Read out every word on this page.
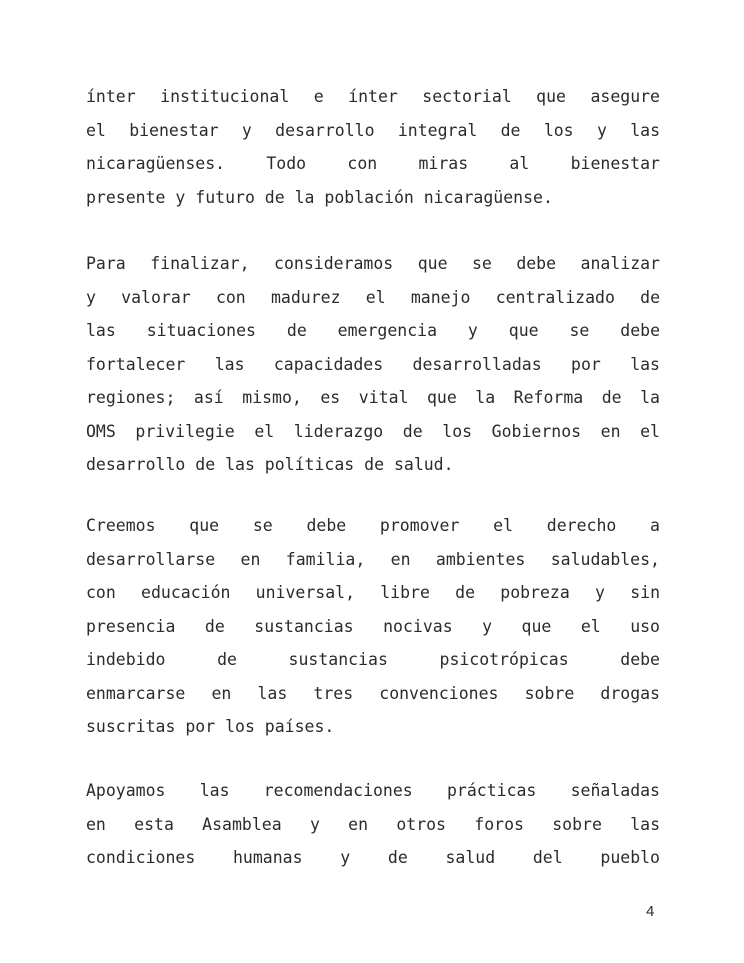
ínter institucional e ínter sectorial que asegure
el bienestar y desarrollo integral de los y las
nicaragüenses. Todo con miras al bienestar
presente y futuro de la población nicaragüense.

Para finalizar, consideramos que se debe analizar
y valorar con madurez el manejo centralizado de
las situaciones de emergencia y que se debe
fortalecer las capacidades desarrolladas por las
regiones; así mismo, es vital que la Reforma de la
OMS privilegie el liderazgo de los Gobiernos en el
desarrollo de las políticas de salud.

Creemos que se debe promover el derecho a
desarrollarse en familia, en ambientes saludables,
con educación universal, libre de pobreza y sin
presencia de sustancias nocivas y que el uso
indebido de sustancias psicotrópicas debe
enmarcarse en las tres convenciones sobre drogas
suscritas por los países.

Apoyamos las recomendaciones prácticas señaladas
en esta Asamblea y en otros foros sobre las
condiciones humanas y de salud del pueblo

4
